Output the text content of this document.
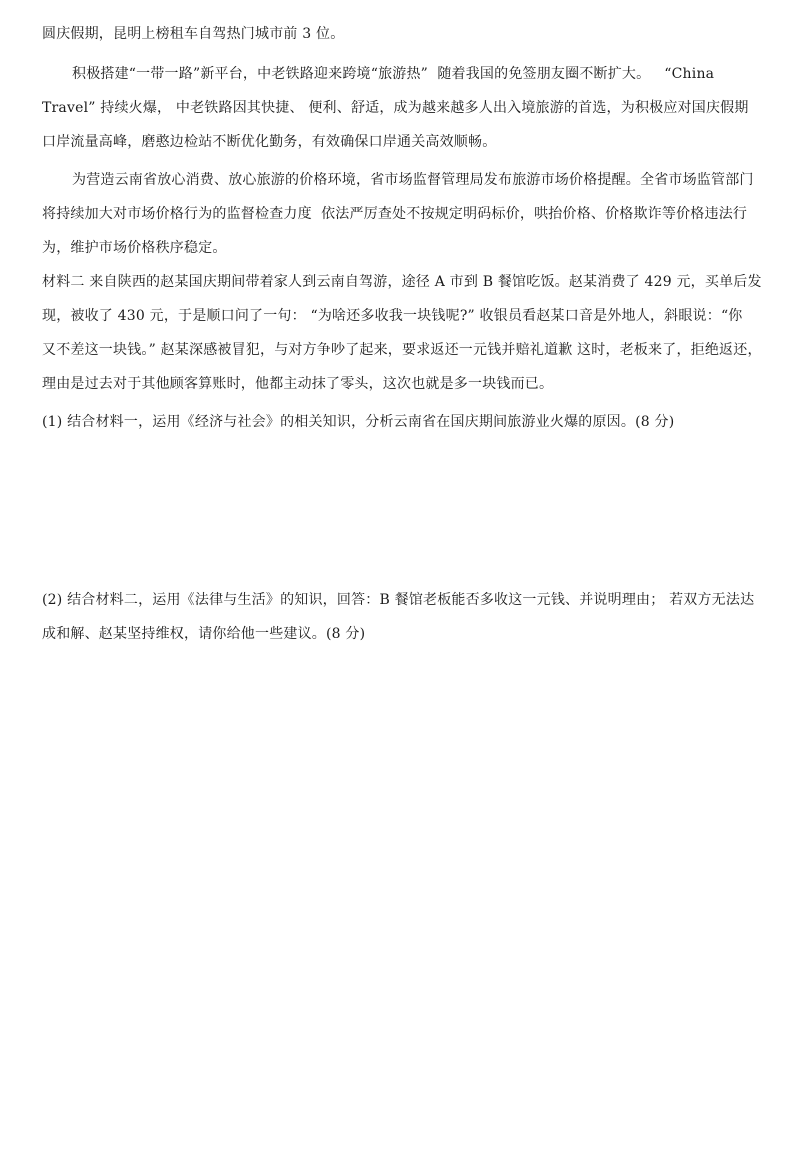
圆庆假期，昆明上榜租车自驾热门城市前 3 位。
积极搭建“一带一路”新平台，中老铁路迎来跨境“旅游热”  随着我国的免签朋友圈不断扩大。   “China
Travel” 持续火爆， 中老铁路因其快捷、 便利、舒适，成为越来越多人出入境旅游的首选，为积极应对国庆假期
口岸流量高峰，磨憨边检站不断优化勤务，有效确保口岸通关高效顺畅。
为营造云南省放心消费、放心旅游的价格环境，省市场监督管理局发布旅游市场价格提醒。全省市场监管部门
将持续加大对市场价格行为的监督检查力度  依法严厉查处不按规定明码标价，哄抬价格、价格欺诈等价格违法行
为，维护市场价格秩序稳定。
材料二 来自陕西的赵某国庆期间带着家人到云南自驾游，途径 A 市到 B 餐馆吃饭。赵某消费了 429 元，买单后发
现，被收了 430 元，于是顺口问了一句： “为啥还多收我一块钱呢?” 收银员看赵某口音是外地人，斜眼说：“你
又不差这一块钱。” 赵某深感被冒犯，与对方争吵了起来，要求返还一元钱并赔礼道歉 这时，老板来了，拒绝返还，
理由是过去对于其他顾客算账时，他都主动抹了零头，这次也就是多一块钱而已。
(1) 结合材料一，运用《经济与社会》的相关知识，分析云南省在国庆期间旅游业火爆的原因。(8 分)
(2) 结合材料二，运用《法律与生活》的知识，回答：B 餐馆老板能否多收这一元钱、并说明理由； 若双方无法达
成和解、赵某坚持维权，请你给他一些建议。(8 分)
